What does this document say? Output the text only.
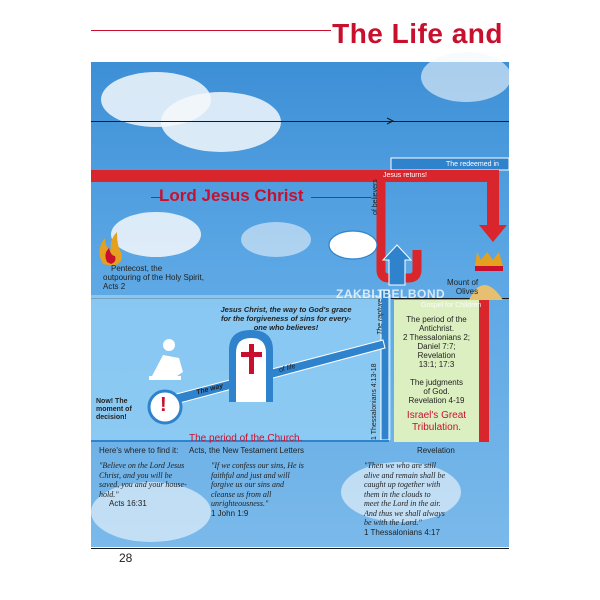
The Life and
Lord Jesus Christ
The redeemed in
Jesus returns!
of believers
The rapture
1 Thessalonians 4:13-18
Pentecost, the
outpouring of the Holy Spirit,
Acts 2	Mount of
Olives
ZAKBIJBELBOND
Gospel for Children
Jesus Christ, the way to God's grace
for the forgiveness of sins for every-
one who believes!
The way
of life
Now! The
moment of
decision!
!
The period of the Church.
Here's where to find it: Acts, the New Testament Letters
The period of the
Antichrist.
2 Thessalonians 2;
Daniel 7:7;
Revelation
13:1; 17:3
The judgments
of God.
Revelation 4-19
Israel's Great
Tribulation.
Revelation
"Believe on the Lord Jesus
Christ, and you will be
saved, you and your house-
hold."
Acts 16:31
"If we confess our sins, He is
faithful and just and will
forgive us our sins and
cleanse us from all
unrighteousness."
1 John 1:9
"Then we who are still
alive and remain shall be
caught up together with
them in the clouds to
meet the Lord in the air.
And thus we shall always
be with the Lord."
1 Thessalonians 4:17
28
